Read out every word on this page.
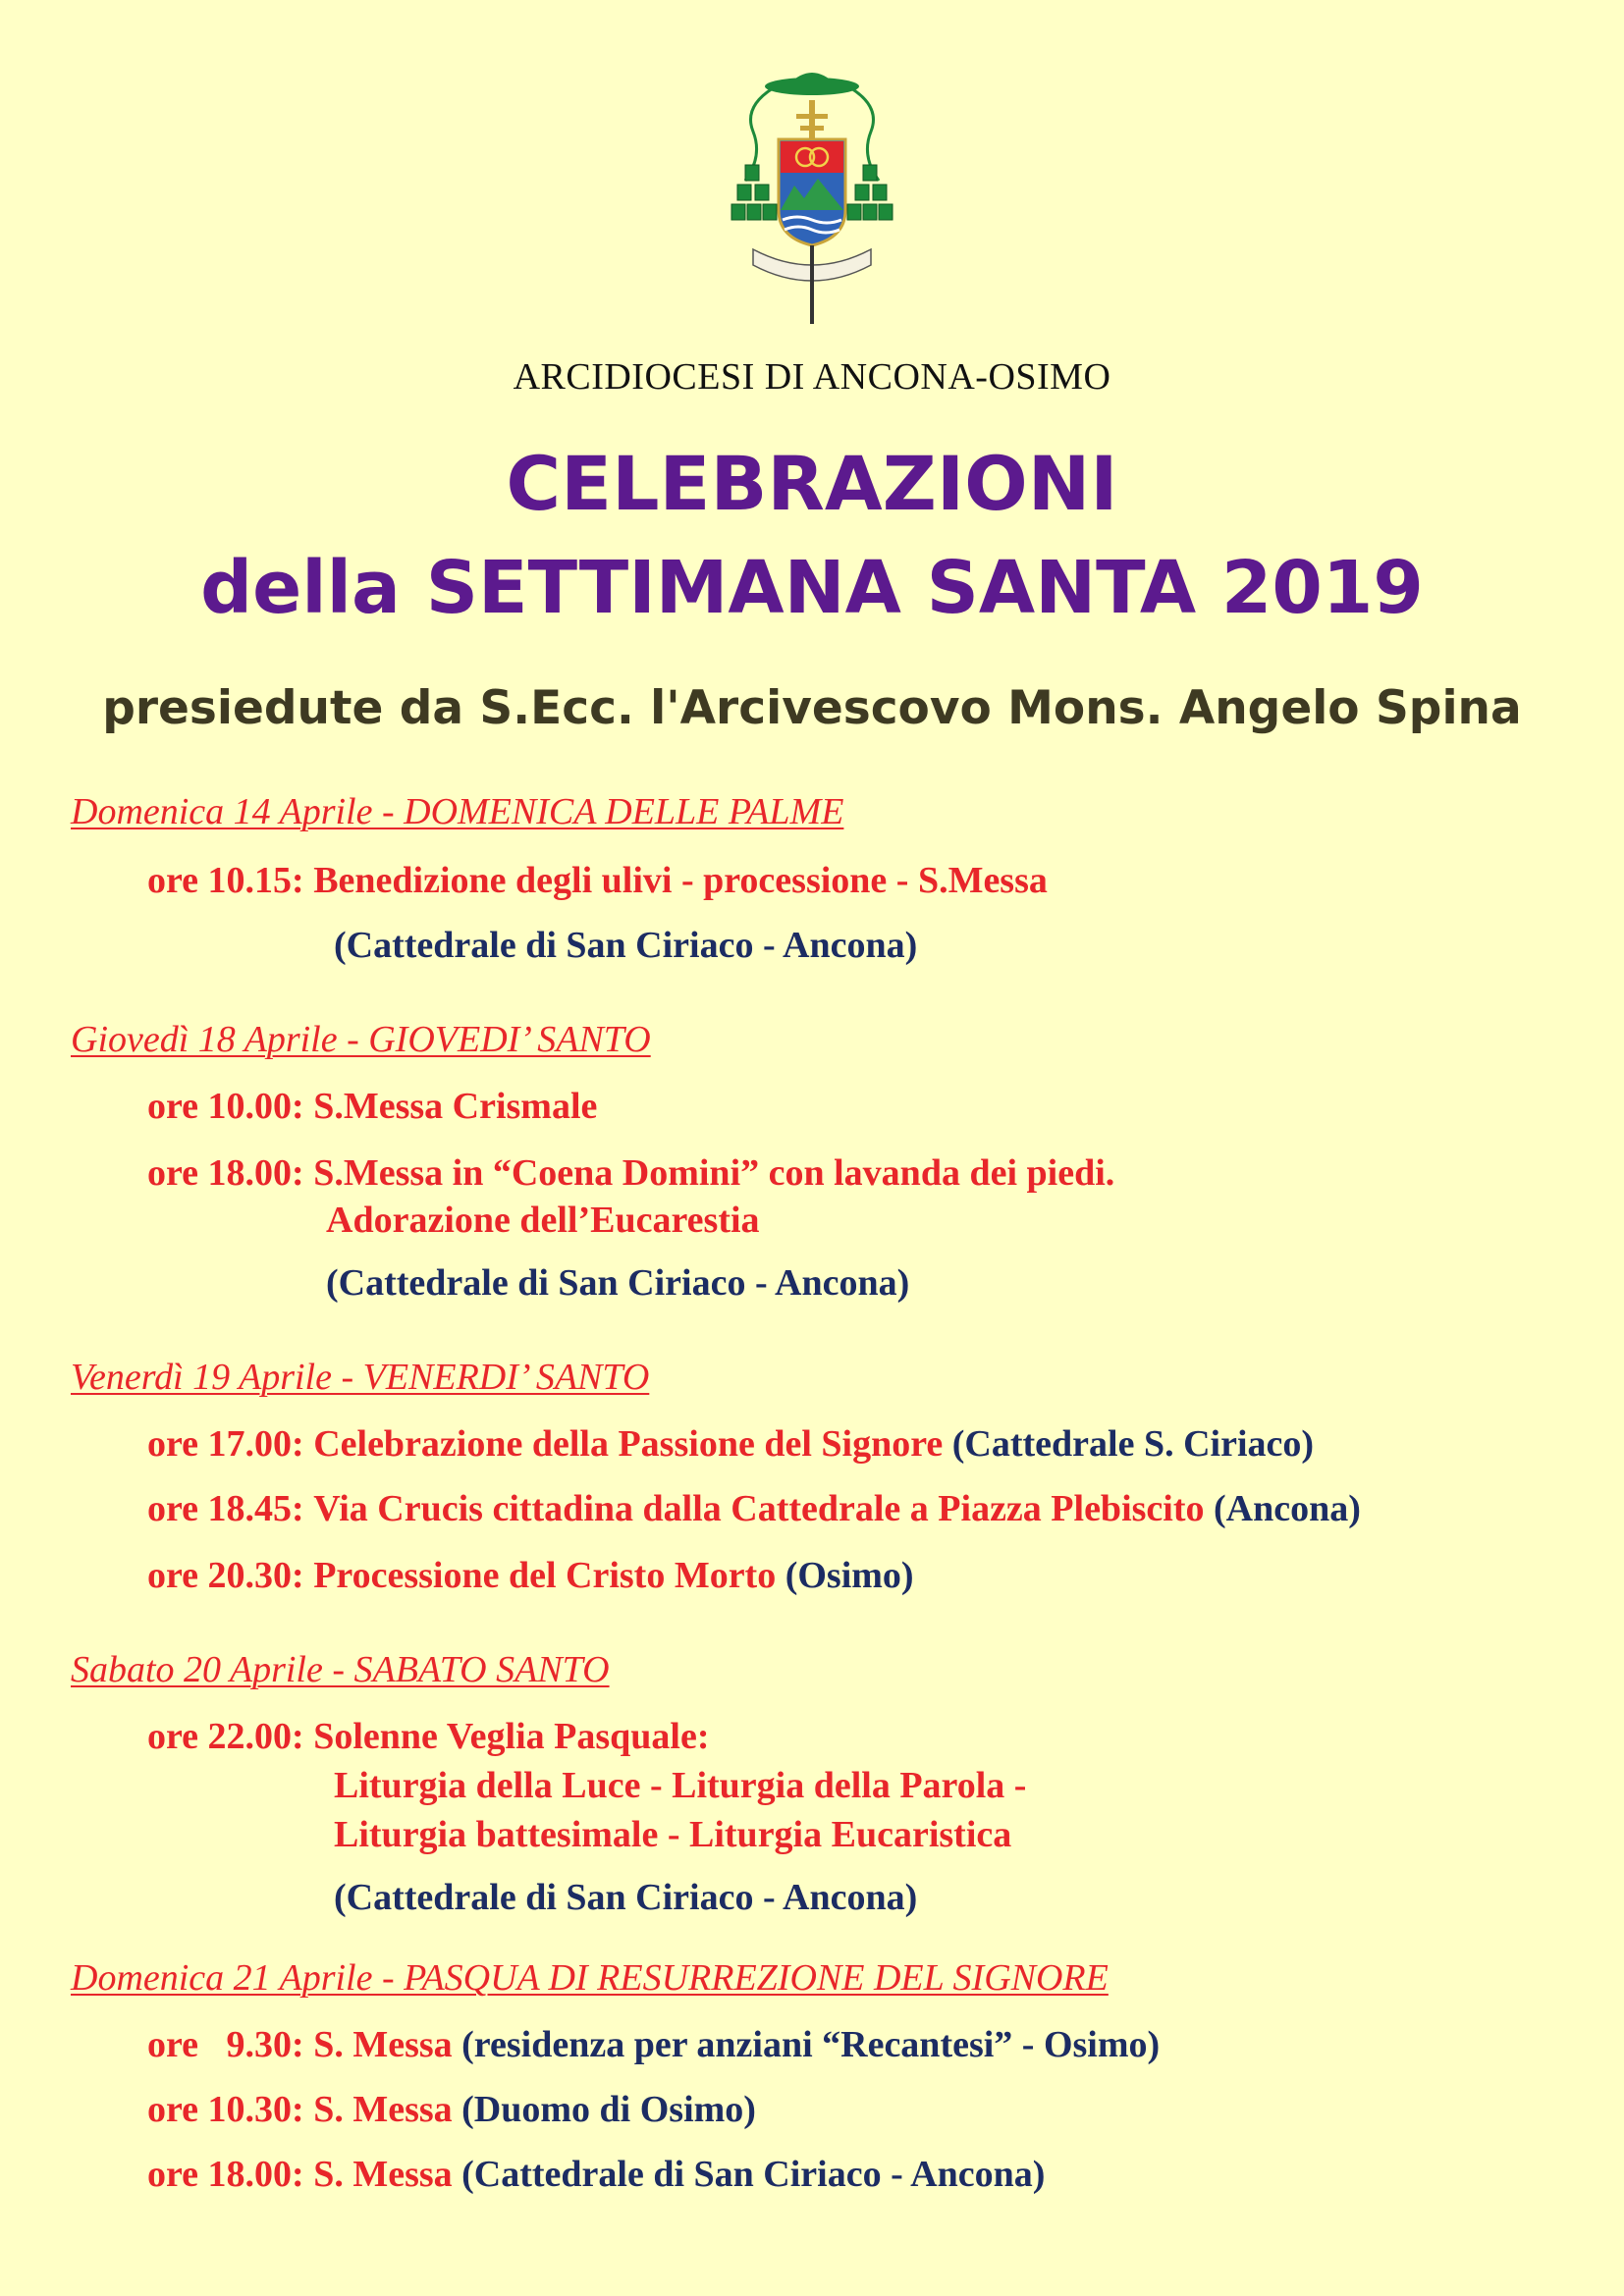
ARCIDIOCESI DI ANCONA-OSIMO
CELEBRAZIONI
della SETTIMANA SANTA 2019
presiedute da S.Ecc. l'Arcivescovo Mons. Angelo Spina
Domenica 14 Aprile - DOMENICA DELLE PALME
ore 10.15: Benedizione degli ulivi - processione - S.Messa
(Cattedrale di San Ciriaco - Ancona)
Giovedì 18 Aprile - GIOVEDI’ SANTO
ore 10.00: S.Messa Crismale
ore 18.00: S.Messa in “Coena Domini” con lavanda dei piedi.
Adorazione dell’Eucarestia
(Cattedrale di San Ciriaco - Ancona)
Venerdì 19 Aprile - VENERDI’ SANTO
ore 17.00: Celebrazione della Passione del Signore (Cattedrale S. Ciriaco)
ore 18.45: Via Crucis cittadina dalla Cattedrale a Piazza Plebiscito (Ancona)
ore 20.30: Processione del Cristo Morto (Osimo)
Sabato 20 Aprile - SABATO SANTO
ore 22.00: Solenne Veglia Pasquale:
Liturgia della Luce - Liturgia della Parola -
Liturgia battesimale - Liturgia Eucaristica
(Cattedrale di San Ciriaco - Ancona)
Domenica 21 Aprile - PASQUA DI RESURREZIONE DEL SIGNORE
ore   9.30: S. Messa (residenza per anziani “Recantesi” - Osimo)
ore 10.30: S. Messa (Duomo di Osimo)
ore 18.00: S. Messa (Cattedrale di San Ciriaco - Ancona)
